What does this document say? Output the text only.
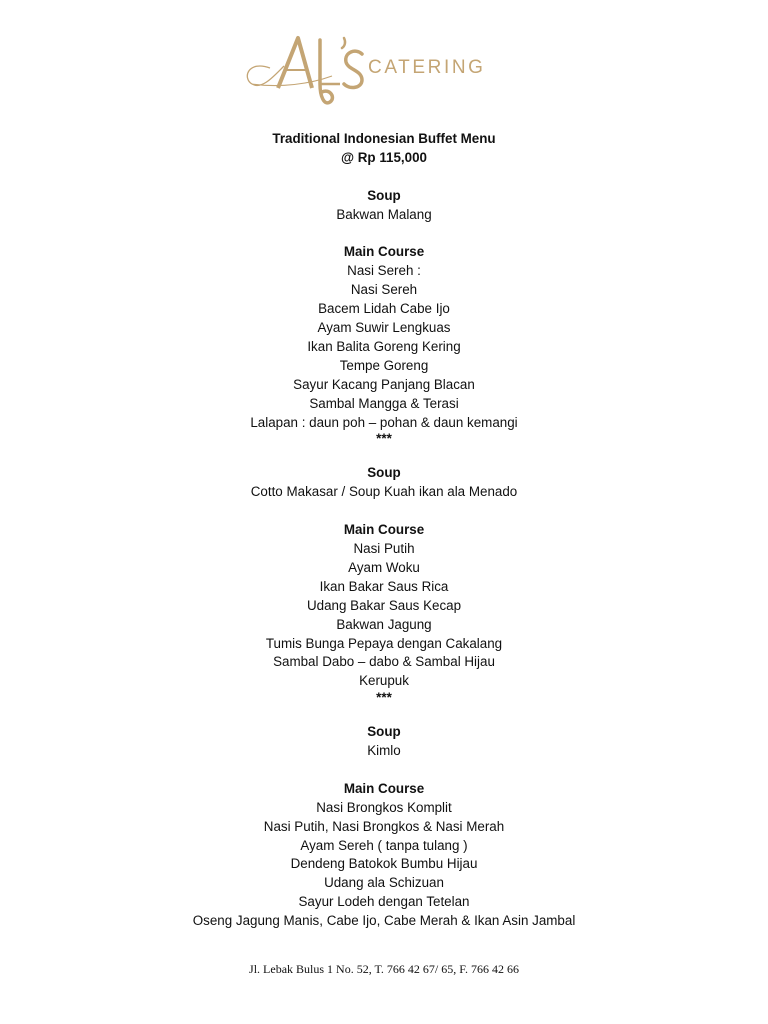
CATERING
Traditional Indonesian Buffet Menu
@ Rp 115,000
Soup
Bakwan Malang
Main Course
Nasi Sereh :
Nasi Sereh
Bacem Lidah Cabe Ijo
Ayam Suwir Lengkuas
Ikan Balita Goreng Kering
Tempe Goreng
Sayur Kacang Panjang Blacan
Sambal Mangga & Terasi
Lalapan : daun poh – pohan & daun kemangi
***
Soup
Cotto Makasar / Soup Kuah ikan ala Menado
Main Course
Nasi Putih
Ayam Woku
Ikan Bakar Saus Rica
Udang Bakar Saus Kecap
Bakwan Jagung
Tumis Bunga Pepaya dengan Cakalang
Sambal Dabo – dabo & Sambal Hijau
Kerupuk
***
Soup
Kimlo
Main Course
Nasi Brongkos Komplit
Nasi Putih, Nasi Brongkos & Nasi Merah
Ayam Sereh ( tanpa tulang )
Dendeng Batokok Bumbu Hijau
Udang ala Schizuan
Sayur Lodeh dengan Tetelan
Oseng Jagung Manis, Cabe Ijo, Cabe Merah & Ikan Asin Jambal
Jl. Lebak Bulus 1 No. 52, T. 766 42 67/ 65, F. 766 42 66
